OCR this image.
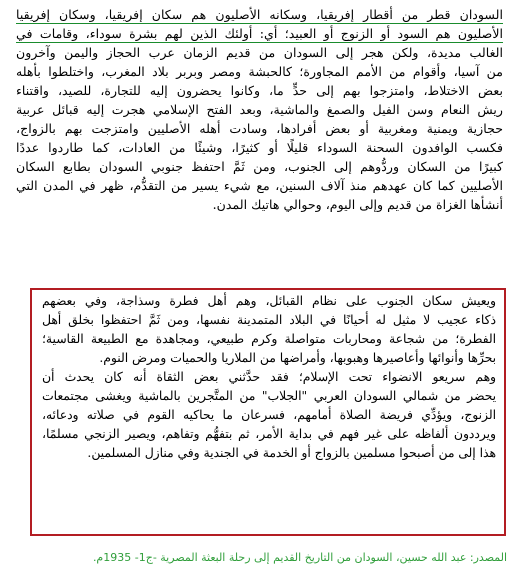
السودان قطر من أقطار إفريقيا، وسكانه الأصليون هم سكان إفريقيا، وسكان إفريقيا
الأصليون هم السود أو الزنوج أو العبيد؛ أي: أولئك الذين لهم بشرة سوداء، وقامات في
الغالب مديدة، ولكن هجر إلى السودان من قديم الزمان عرب الحجاز واليمن وآخرون
من آسيا، وأقوام من الأمم المجاورة؛ كالحبشة ومصر وبربر بلاد المغرب، واختلطوا بأهله
بعض الاختلاط، وامتزجوا بهم إلى حدٍّ ما، وكانوا يحضرون إليه للتجارة، للصيد، واقتناء
ريش النعام وسن الفيل والصمغ والماشية، وبعد الفتح الإسلامي هجرت إليه قبائل عربية
حجازية ويمنية ومغربية أو بعض أفرادها، وسادت أهله الأصليين وامتزجت بهم بالزواج،
فكسب الوافدون السحنة السوداء قليلًا أو كثيرًا، وشيئًا من العادات، كما طاردوا عددًا
كبيرًا من السكان وردُّوهم إلى الجنوب، ومن ثَمَّ احتفظ جنوبي السودان بطابع السكان
الأصليين كما كان عهدهم منذ آلاف السنين، مع شيء يسير من التقدُّم، ظهر في المدن التي
أنشأها الغزاة من قديم وإلى اليوم، وحوالي هاتيك المدن.
ويعيش سكان الجنوب على نظام القبائل، وهم أهل فطرة وسذاجة، وفي بعضهم
ذكاء عجيب لا مثيل له أحيانًا في البلاد المتمدينة نفسها، ومن ثَمَّ احتفظوا بخلق أهل
الفطرة؛ من شجاعة ومحاربات متواصلة وكرم طبيعي، ومجاهدة مع الطبيعة القاسية؛
بحرِّها وأنوائها وأعاصيرها وهبوبها، وأمراضها من الملاريا والحميات ومرض النوم.
وهم سريعو الانضواء تحت الإسلام؛ فقد حدَّثني بعض الثقاة أنه كان يحدث أن
يحضر من شمالي السودان العربي "الجلاب" من المتَّجرين بالماشية ويغشى مجتمعات
الزنوج، ويؤدِّي فريضة الصلاة أمامهم، فسرعان ما يحاكيه القوم في صلاته ودعائه،
ويرددون ألفاظه على غير فهم في بداية الأمر، ثم بتفهُّم وتفاهم، ويصير الزنجي مسلمًا،
هذا إلى من أصبحوا مسلمين بالزواج أو الخدمة في الجندية وفي منازل المسلمين.
المصدر: عبد الله حسين، السودان من التاريخ القديم إلى رحلة البعثة المصرية -ج1- 1935م.
